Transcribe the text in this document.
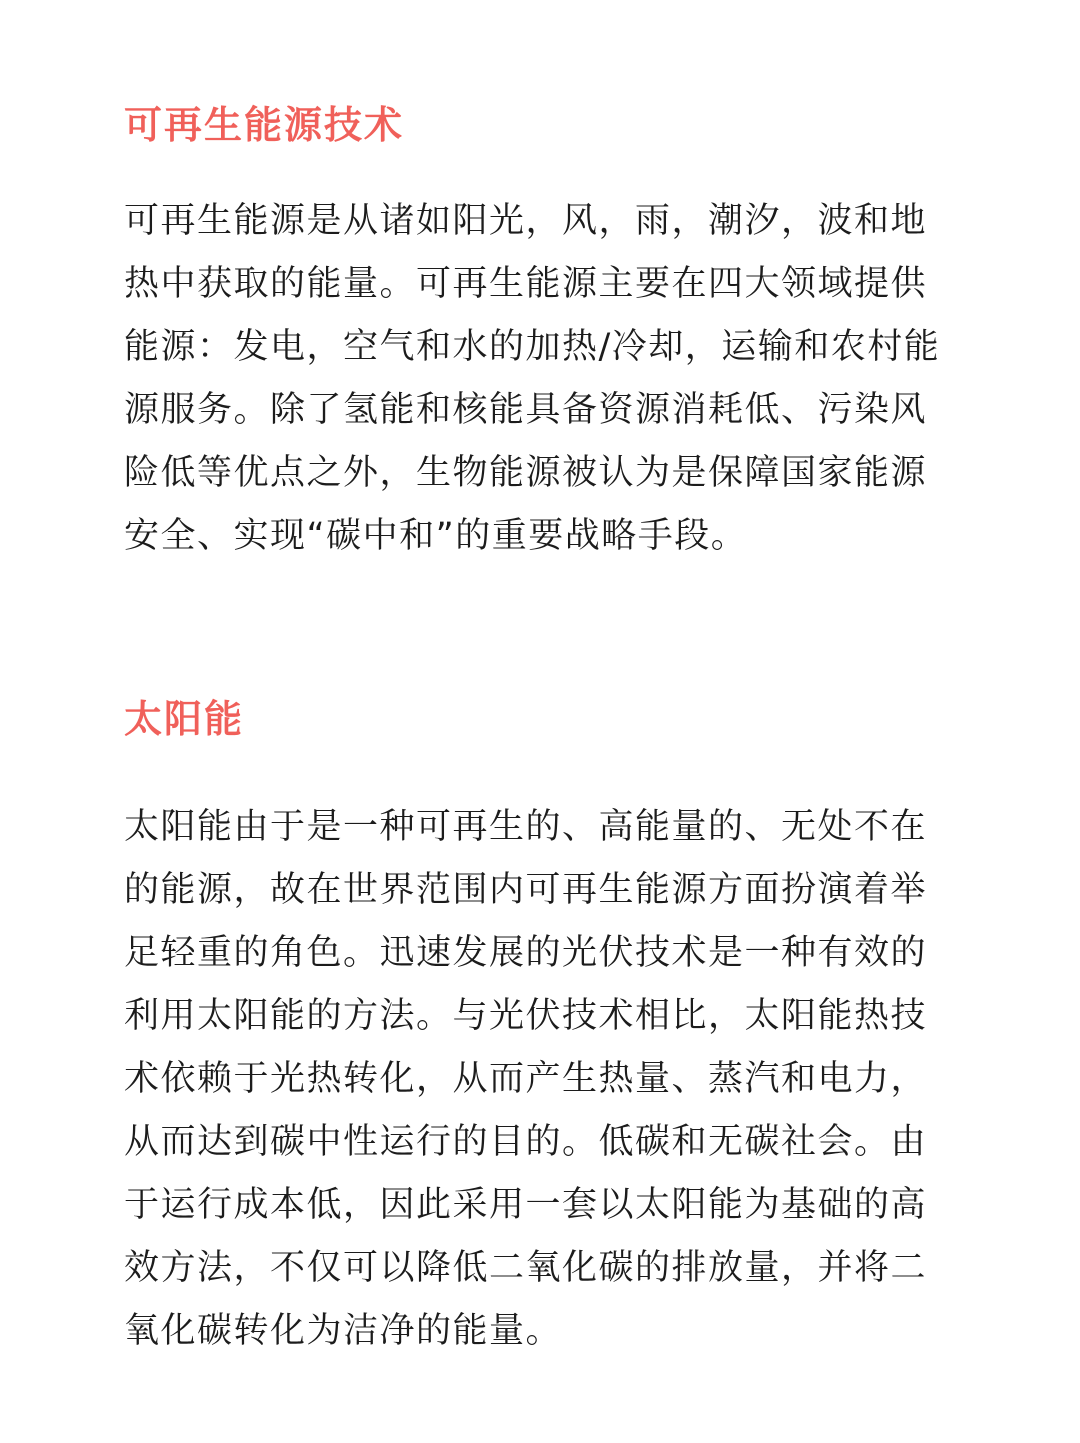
可再生能源技术

可再生能源是从诸如阳光，风，雨，潮汐，波和地热中获取的能量。可再生能源主要在四大领域提供能源：发电，空气和水的加热/冷却，运输和农村能源服务。除了氢能和核能具备资源消耗低、污染风险低等优点之外，生物能源被认为是保障国家能源安全、实现“碳中和”的重要战略手段。

太阳能

太阳能由于是一种可再生的、高能量的、无处不在的能源，故在世界范围内可再生能源方面扮演着举足轻重的角色。迅速发展的光伏技术是一种有效的利用太阳能的方法。与光伏技术相比，太阳能热技术依赖于光热转化，从而产生热量、蒸汽和电力，从而达到碳中性运行的目的。低碳和无碳社会。由于运行成本低，因此采用一套以太阳能为基础的高效方法，不仅可以降低二氧化碳的排放量，并将二氧化碳转化为洁净的能量。
